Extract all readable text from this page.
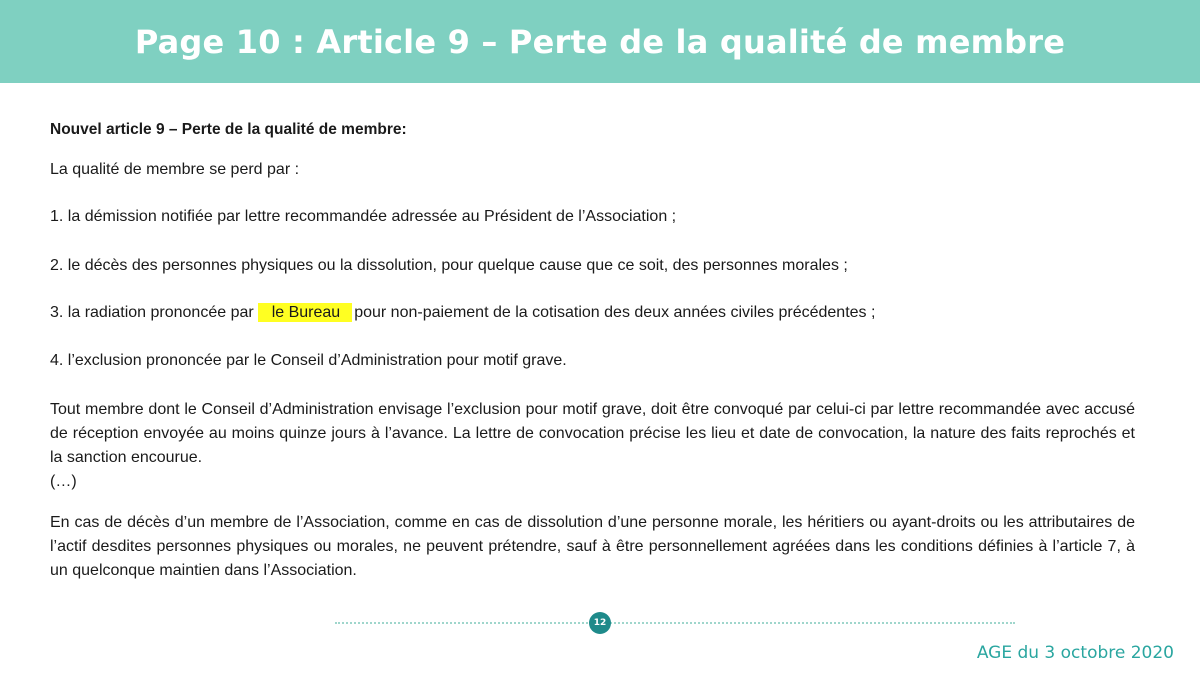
Page 10 : Article 9 – Perte de la qualité de membre

Nouvel article 9 – Perte de la qualité de membre:

La qualité de membre se perd par :

1. la démission notifiée par lettre recommandée adressée au Président de l’Association ;

2. le décès des personnes physiques ou la dissolution, pour quelque cause que ce soit, des personnes morales ;

3. la radiation prononcée par le Bureau pour non-paiement de la cotisation des deux années civiles précédentes ;

4. l’exclusion prononcée par le Conseil d’Administration pour motif grave.

Tout membre dont le Conseil d’Administration envisage l’exclusion pour motif grave, doit être convoqué par celui-ci par lettre recommandée avec accusé de réception envoyée au moins quinze jours à l’avance. La lettre de convocation précise les lieu et date de convocation, la nature des faits reprochés et la sanction encourue.

(…)

En cas de décès d’un membre de l’Association, comme en cas de dissolution d’une personne morale, les héritiers ou ayant-droits ou les attributaires de l’actif desdites personnes physiques ou morales, ne peuvent prétendre, sauf à être personnellement agréées dans les conditions définies à l’article 7, à un quelconque maintien dans l’Association.

12
AGE du 3 octobre 2020
